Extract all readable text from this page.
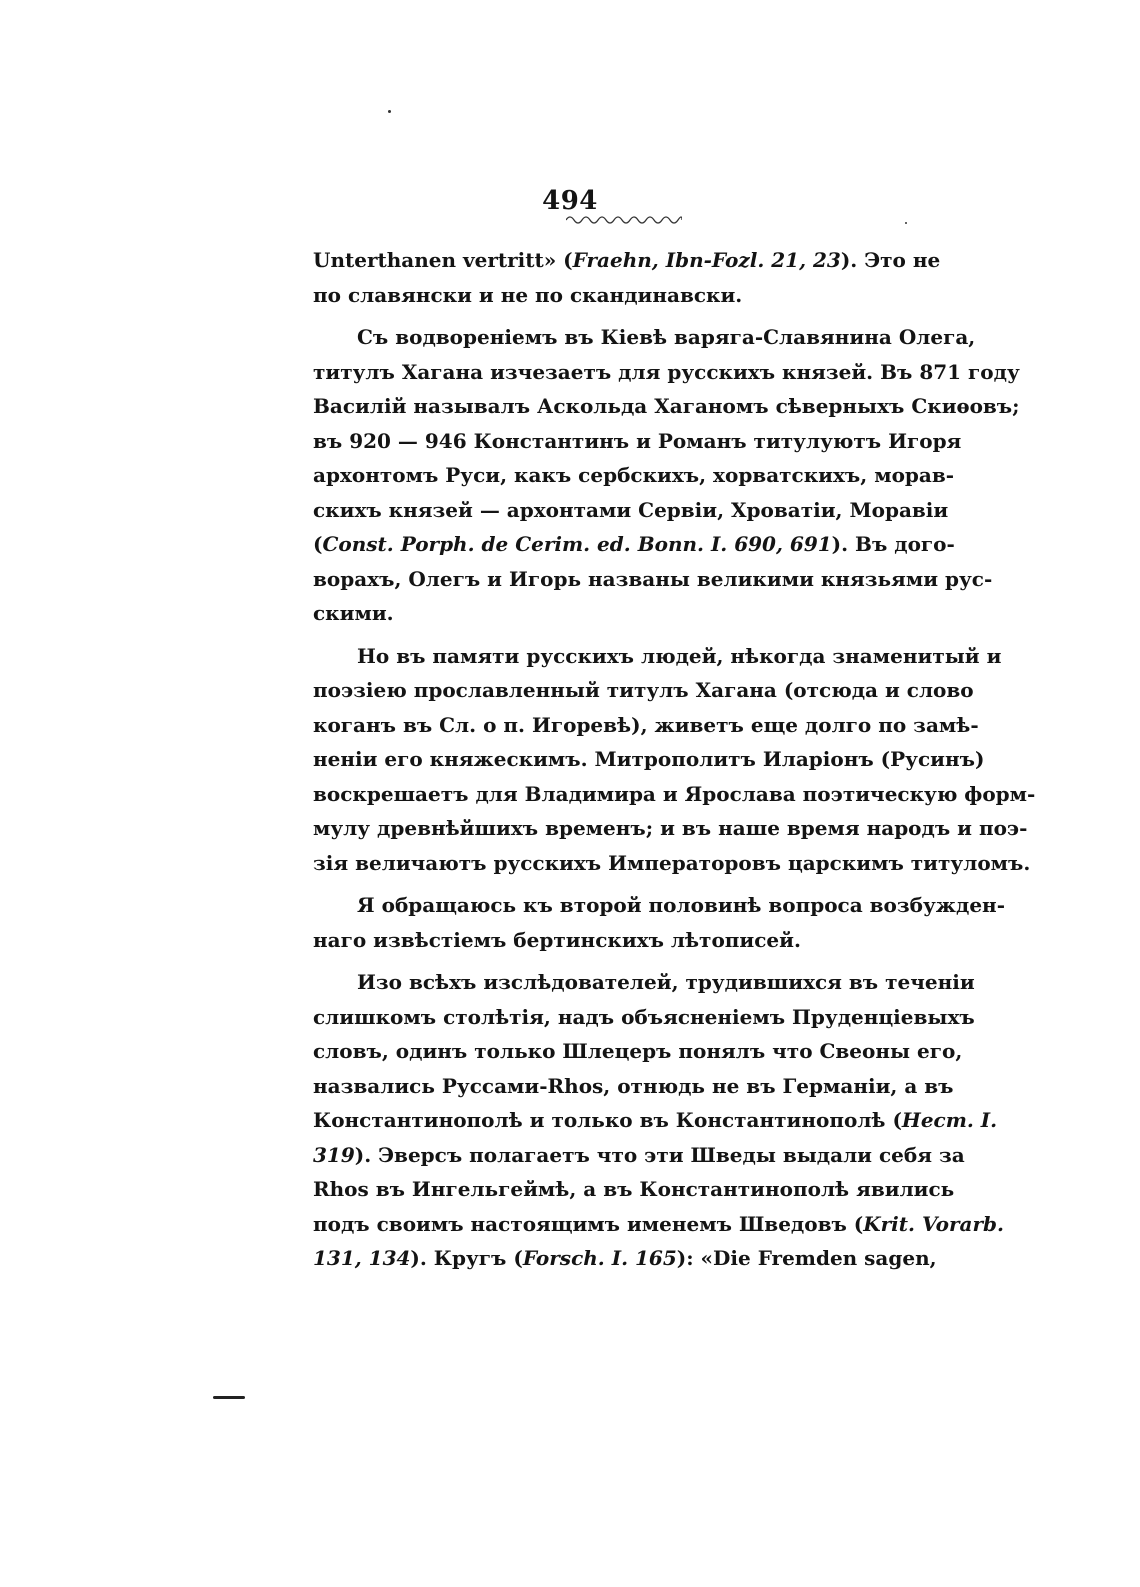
494
Unterthanen vertritt» (Fraehn, Ibn-Fozl. 21, 23). Это не
по славянски и не по скандинавски.
Съ водвореніемъ въ Кіевѣ варяга-Славянина Олега,
титулъ Хагана изчезаетъ для русскихъ князей. Въ 871 году
Василій называлъ Аскольда Хаганомъ сѣверныхъ Скиѳовъ;
въ 920 — 946 Константинъ и Романъ титулуютъ Игоря
архонтомъ Руси, какъ сербскихъ, хорватскихъ, морав-
скихъ князей — архонтами Сервіи, Хроватіи, Моравіи
(Const. Porph. de Cerim. ed. Bonn. I. 690, 691). Въ дого-
ворахъ, Олегъ и Игорь названы великими князьями рус-
скими.
Но въ памяти русскихъ людей, нѣкогда знаменитый и
поэзіею прославленный титулъ Хагана (отсюда и слово
коганъ въ Сл. о п. Игоревѣ), живетъ еще долго по замѣ-
неніи его княжескимъ. Митрополитъ Иларіонъ (Русинъ)
воскрешаетъ для Владимира и Ярослава поэтическую форм-
мулу древнѣйшихъ временъ; и въ наше время народъ и поэ-
зія величаютъ русскихъ Императоровъ царскимъ титуломъ.
Я обращаюсь къ второй половинѣ вопроса возбужден-
наго извѣстіемъ бертинскихъ лѣтописей.
Изо всѣхъ изслѣдователей, трудившихся въ теченіи
слишкомъ столѣтія, надъ объясненіемъ Пруденціевыхъ
словъ, одинъ только Шлецеръ понялъ что Свеоны его,
назвались Руссами-Rhos, отнюдь не въ Германіи, а въ
Константинополѣ и только въ Константинополѣ (Нест. I.
319). Эверсъ полагаетъ что эти Шведы выдали себя за
Rhos въ Ингельгеймѣ, а въ Константинополѣ явились
подъ своимъ настоящимъ именемъ Шведовъ (Krit. Vorarb.
131, 134). Кругъ (Forsch. I. 165): «Die Fremden sagen,
